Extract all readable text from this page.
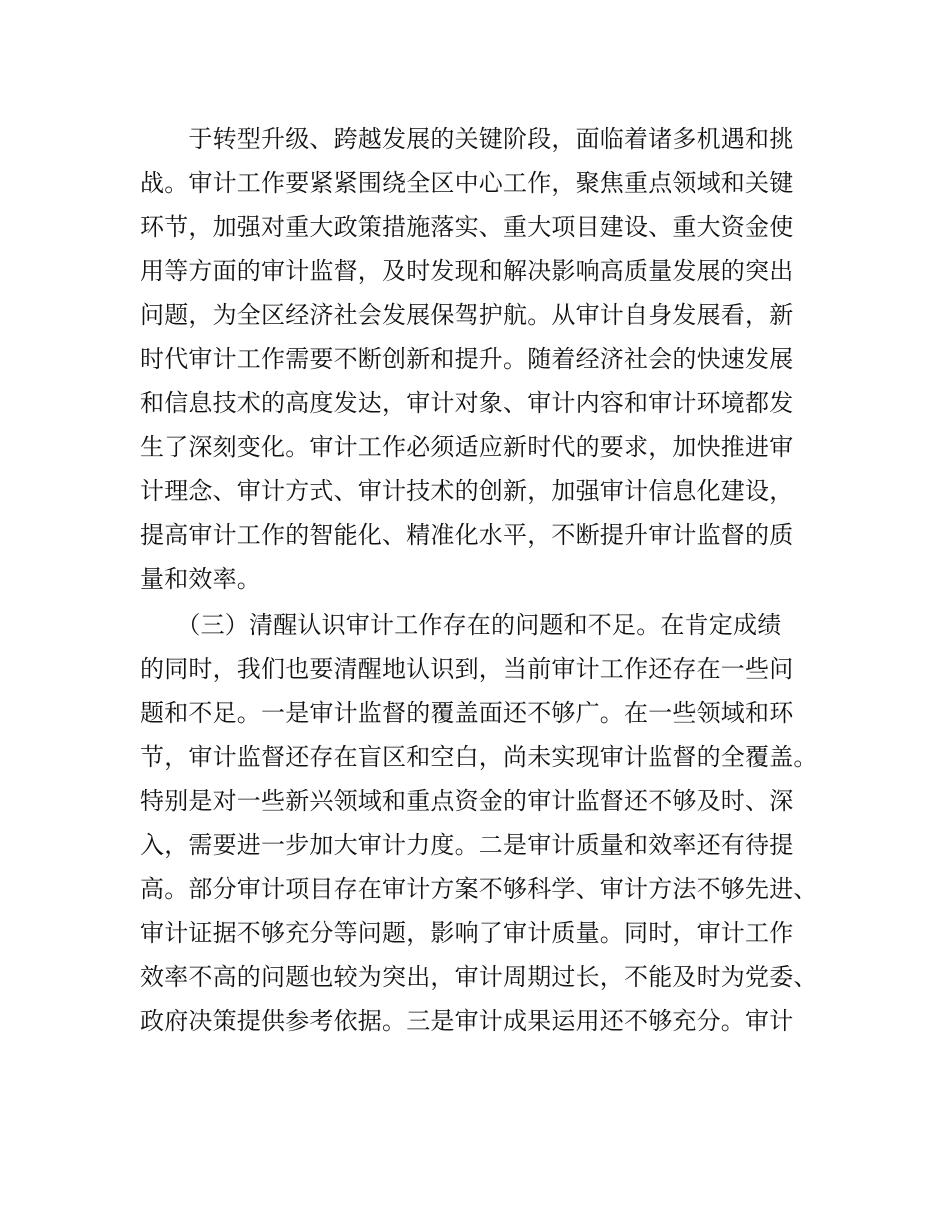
　　于转型升级、跨越发展的关键阶段，面临着诸多机遇和挑
战。审计工作要紧紧围绕全区中心工作，聚焦重点领域和关键
环节，加强对重大政策措施落实、重大项目建设、重大资金使
用等方面的审计监督，及时发现和解决影响高质量发展的突出
问题，为全区经济社会发展保驾护航。从审计自身发展看，新
时代审计工作需要不断创新和提升。随着经济社会的快速发展
和信息技术的高度发达，审计对象、审计内容和审计环境都发
生了深刻变化。审计工作必须适应新时代的要求，加快推进审
计理念、审计方式、审计技术的创新，加强审计信息化建设，
提高审计工作的智能化、精准化水平，不断提升审计监督的质
量和效率。
　　（三）清醒认识审计工作存在的问题和不足。在肯定成绩
的同时，我们也要清醒地认识到，当前审计工作还存在一些问
题和不足。一是审计监督的覆盖面还不够广。在一些领域和环
节，审计监督还存在盲区和空白，尚未实现审计监督的全覆盖。
特别是对一些新兴领域和重点资金的审计监督还不够及时、深
入，需要进一步加大审计力度。二是审计质量和效率还有待提
高。部分审计项目存在审计方案不够科学、审计方法不够先进、
审计证据不够充分等问题，影响了审计质量。同时，审计工作
效率不高的问题也较为突出，审计周期过长，不能及时为党委、
政府决策提供参考依据。三是审计成果运用还不够充分。审计
